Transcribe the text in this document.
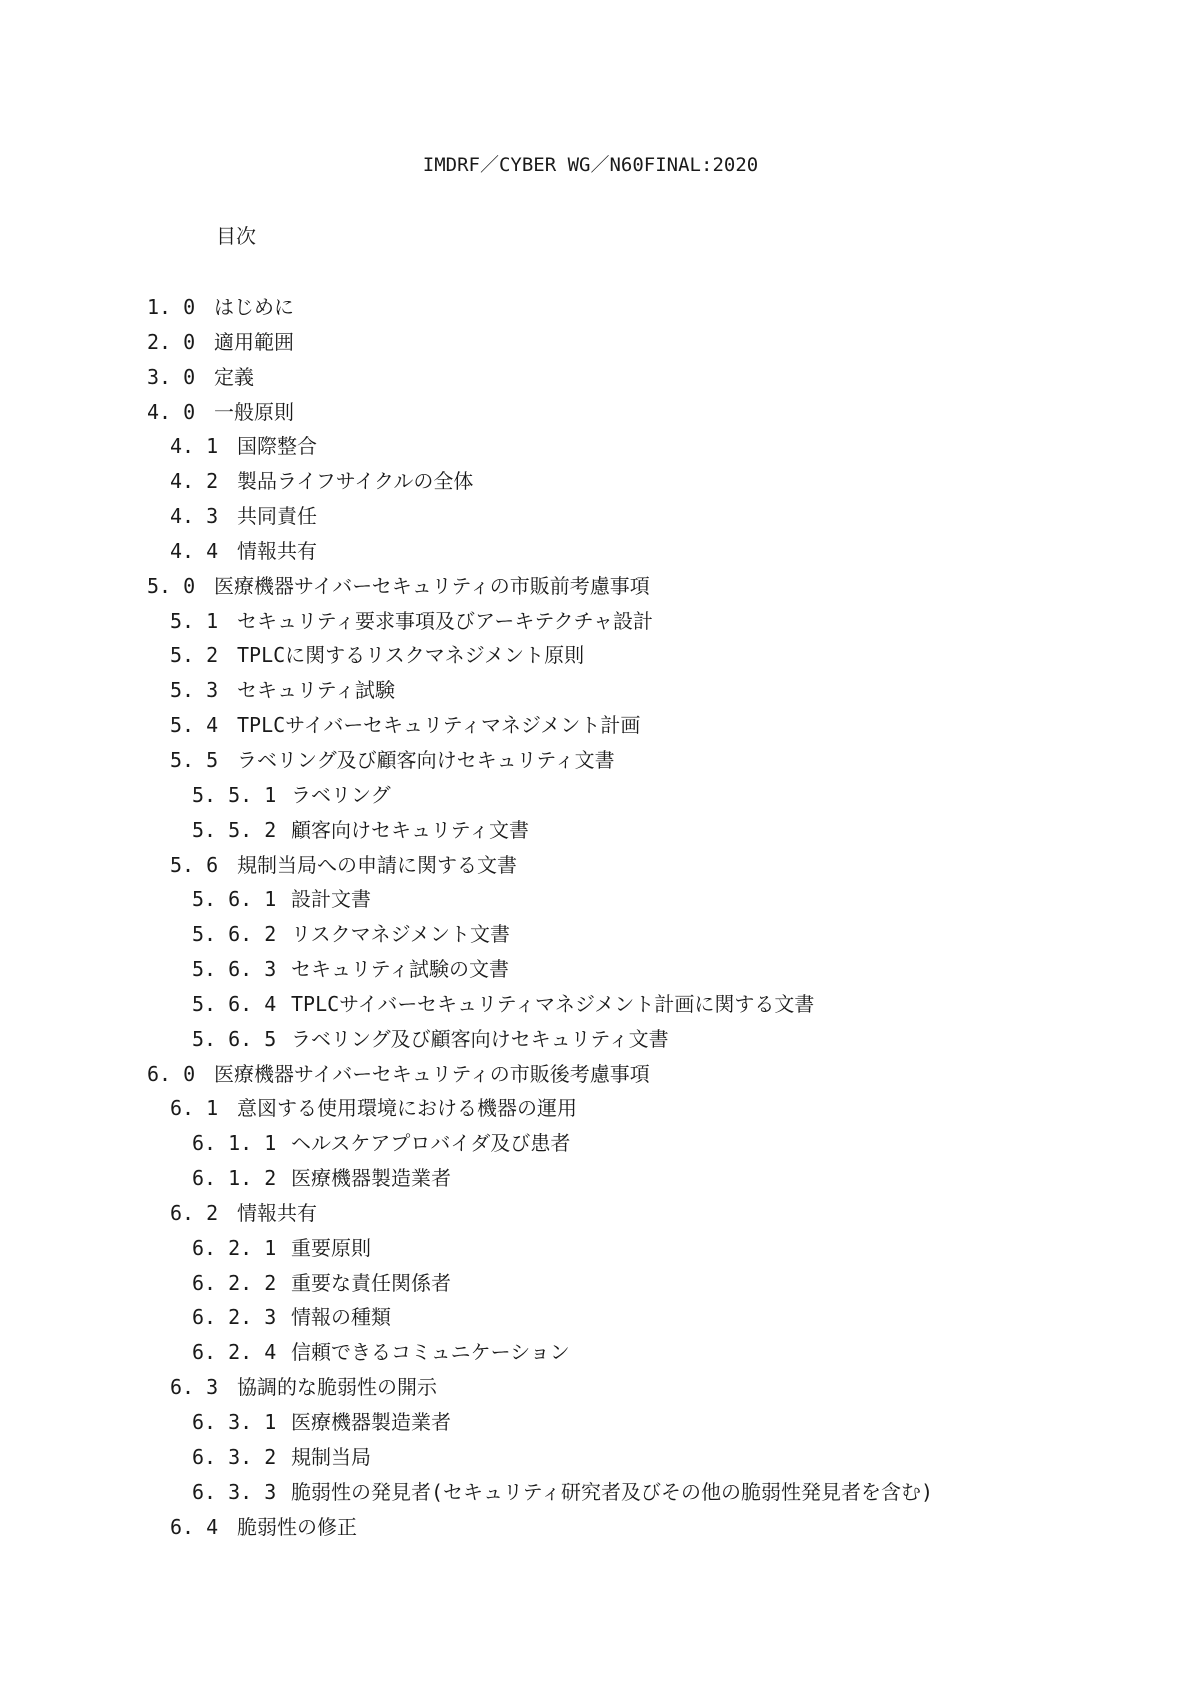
IMDRF／CYBER WG／N60FINAL:2020
目次
1. 0 はじめに
2. 0 適用範囲
3. 0 定義
4. 0 一般原則
4. 1 国際整合
4. 2 製品ライフサイクルの全体
4. 3 共同責任
4. 4 情報共有
5. 0 医療機器サイバーセキュリティの市販前考慮事項
5. 1 セキュリティ要求事項及びアーキテクチャ設計
5. 2 TPLCに関するリスクマネジメント原則
5. 3 セキュリティ試験
5. 4 TPLCサイバーセキュリティマネジメント計画
5. 5 ラベリング及び顧客向けセキュリティ文書
5. 5. 1 ラベリング
5. 5. 2 顧客向けセキュリティ文書
5. 6 規制当局への申請に関する文書
5. 6. 1 設計文書
5. 6. 2 リスクマネジメント文書
5. 6. 3 セキュリティ試験の文書
5. 6. 4 TPLCサイバーセキュリティマネジメント計画に関する文書
5. 6. 5 ラベリング及び顧客向けセキュリティ文書
6. 0 医療機器サイバーセキュリティの市販後考慮事項
6. 1 意図する使用環境における機器の運用
6. 1. 1 ヘルスケアプロバイダ及び患者
6. 1. 2 医療機器製造業者
6. 2 情報共有
6. 2. 1 重要原則
6. 2. 2 重要な責任関係者
6. 2. 3 情報の種類
6. 2. 4 信頼できるコミュニケーション
6. 3 協調的な脆弱性の開示
6. 3. 1 医療機器製造業者
6. 3. 2 規制当局
6. 3. 3 脆弱性の発見者(セキュリティ研究者及びその他の脆弱性発見者を含む)
6. 4 脆弱性の修正
